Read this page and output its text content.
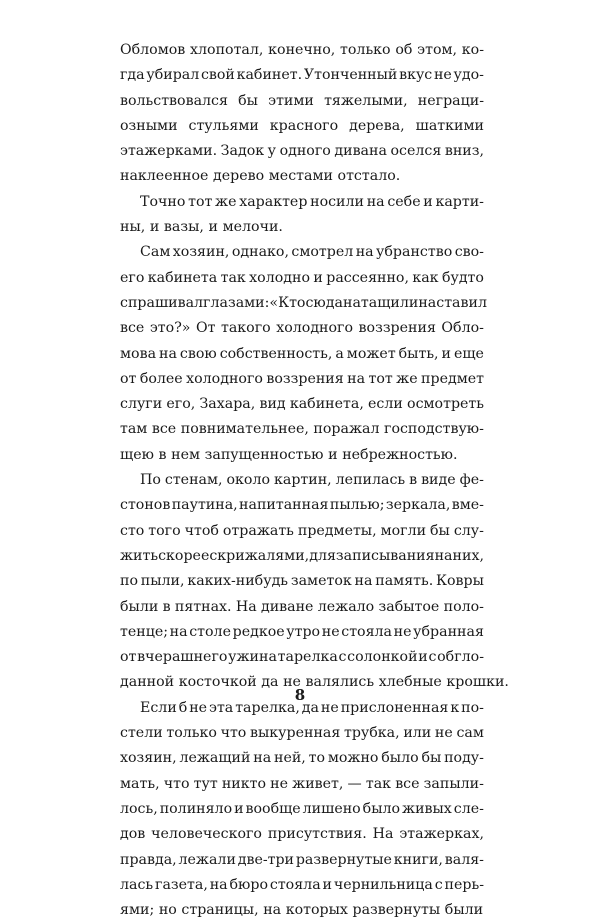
Обломов хлопотал, конечно, только об этом, ко-
гда убирал свой кабинет. Утонченный вкус не удо-
вольствовался бы этими тяжелыми, неграци-
озными стульями красного дерева, шаткими
этажерками. Задок у одного дивана оселся вниз,
наклеенное дерево местами отстало.
Точно тот же характер носили на себе и карти-
ны, и вазы, и мелочи.
Сам хозяин, однако, смотрел на убранство сво-
его кабинета так холодно и рассеянно, как будто
спрашивал глазами: «Кто сюда натащил и наставил
все это?» От такого холодного воззрения Обло-
мова на свою собственность, а может быть, и еще
от более холодного воззрения на тот же предмет
слуги его, Захара, вид кабинета, если осмотреть
там все повнимательнее, поражал господствую-
щею в нем запущенностью и небрежностью.
По стенам, около картин, лепилась в виде фе-
стонов паутина, напитанная пылью; зеркала, вме-
сто того чтоб отражать предметы, могли бы слу-
жить скорее скрижалями, для записывания на них,
по пыли, каких-нибудь заметок на память. Ковры
были в пятнах. На диване лежало забытое поло-
тенце; на столе редкое утро не стояла не убранная
от вчерашнего ужина тарелка с солонкой и с обгло-
данной косточкой да не валялись хлебные крошки.
Если б не эта тарелка, да не прислоненная к по-
стели только что выкуренная трубка, или не сам
хозяин, лежащий на ней, то можно было бы поду-
мать, что тут никто не живет, — так все запыли-
лось, полиняло и вообще лишено было живых сле-
дов человеческого присутствия. На этажерках,
правда, лежали две-три развернутые книги, валя-
лась газета, на бюро стояла и чернильница с перь-
ями; но страницы, на которых развернуты были
8
